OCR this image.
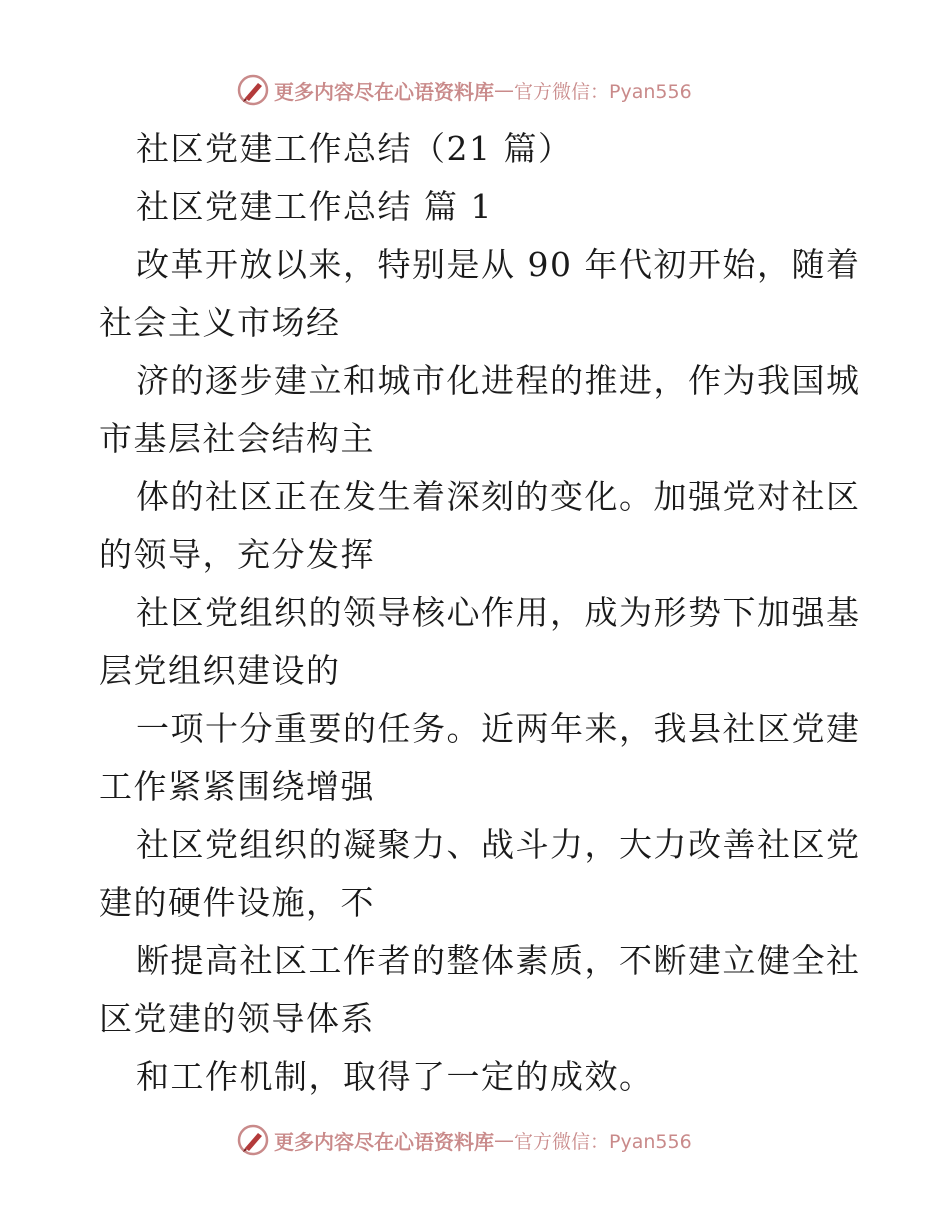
更多内容尽在心语资料库 — 官方微信：Pyan556
社区党建工作总结（21 篇）
社区党建工作总结 篇 1
改革开放以来，特别是从 90 年代初开始，随着
社会主义市场经
济的逐步建立和城市化进程的推进，作为我国城
市基层社会结构主
体的社区正在发生着深刻的变化。加强党对社区
的领导，充分发挥
社区党组织的领导核心作用，成为形势下加强基
层党组织建设的
一项十分重要的任务。近两年来，我县社区党建
工作紧紧围绕增强
社区党组织的凝聚力、战斗力，大力改善社区党
建的硬件设施，不
断提高社区工作者的整体素质，不断建立健全社
区党建的领导体系
和工作机制，取得了一定的成效。
更多内容尽在心语资料库 — 官方微信：Pyan556
